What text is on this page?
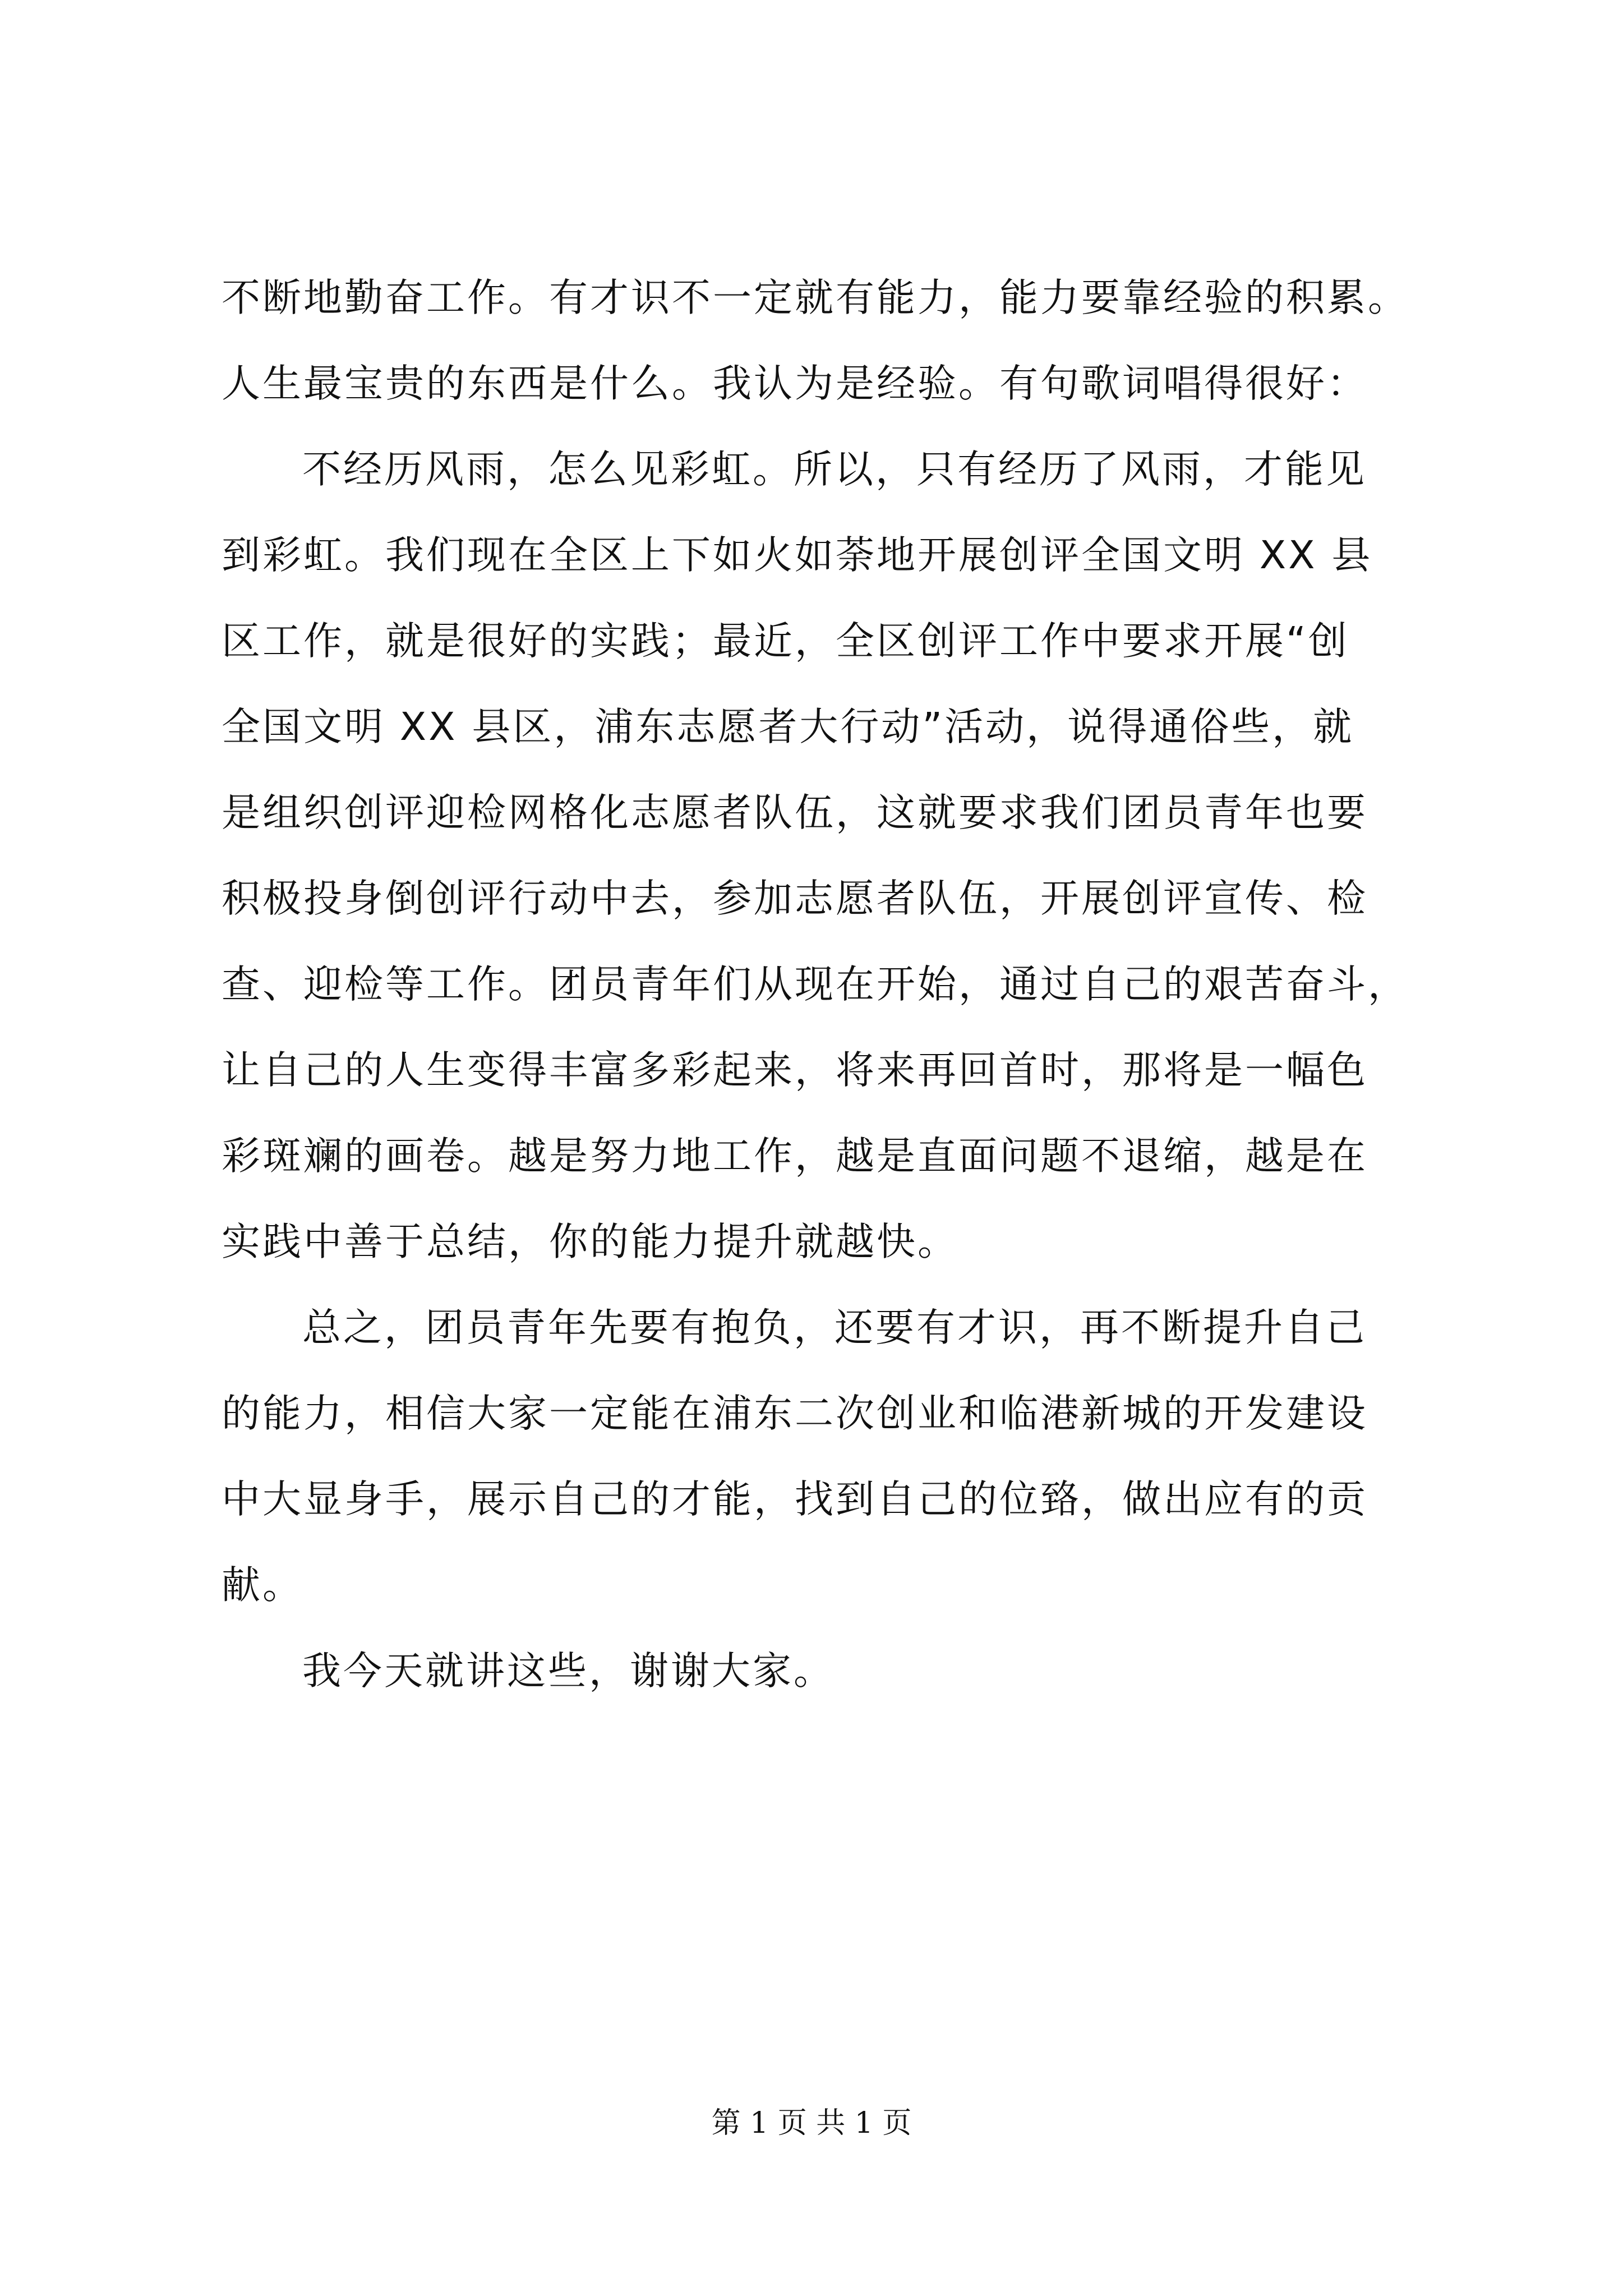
不断地勤奋工作。有才识不一定就有能力，能力要靠经验的积累。
人生最宝贵的东西是什么。我认为是经验。有句歌词唱得很好：
不经历风雨，怎么见彩虹。所以，只有经历了风雨，才能见
到彩虹。我们现在全区上下如火如荼地开展创评全国文明 XX 县
区工作，就是很好的实践；最近，全区创评工作中要求开展“创
全国文明 XX 县区，浦东志愿者大行动”活动，说得通俗些，就
是组织创评迎检网格化志愿者队伍，这就要求我们团员青年也要
积极投身倒创评行动中去，参加志愿者队伍，开展创评宣传、检
查、迎检等工作。团员青年们从现在开始，通过自己的艰苦奋斗，
让自己的人生变得丰富多彩起来，将来再回首时，那将是一幅色
彩斑斓的画卷。越是努力地工作，越是直面问题不退缩，越是在
实践中善于总结，你的能力提升就越快。
总之，团员青年先要有抱负，还要有才识，再不断提升自己
的能力，相信大家一定能在浦东二次创业和临港新城的开发建设
中大显身手，展示自己的才能，找到自己的位臵，做出应有的贡
献。
我今天就讲这些，谢谢大家。
第 1 页 共 1 页
